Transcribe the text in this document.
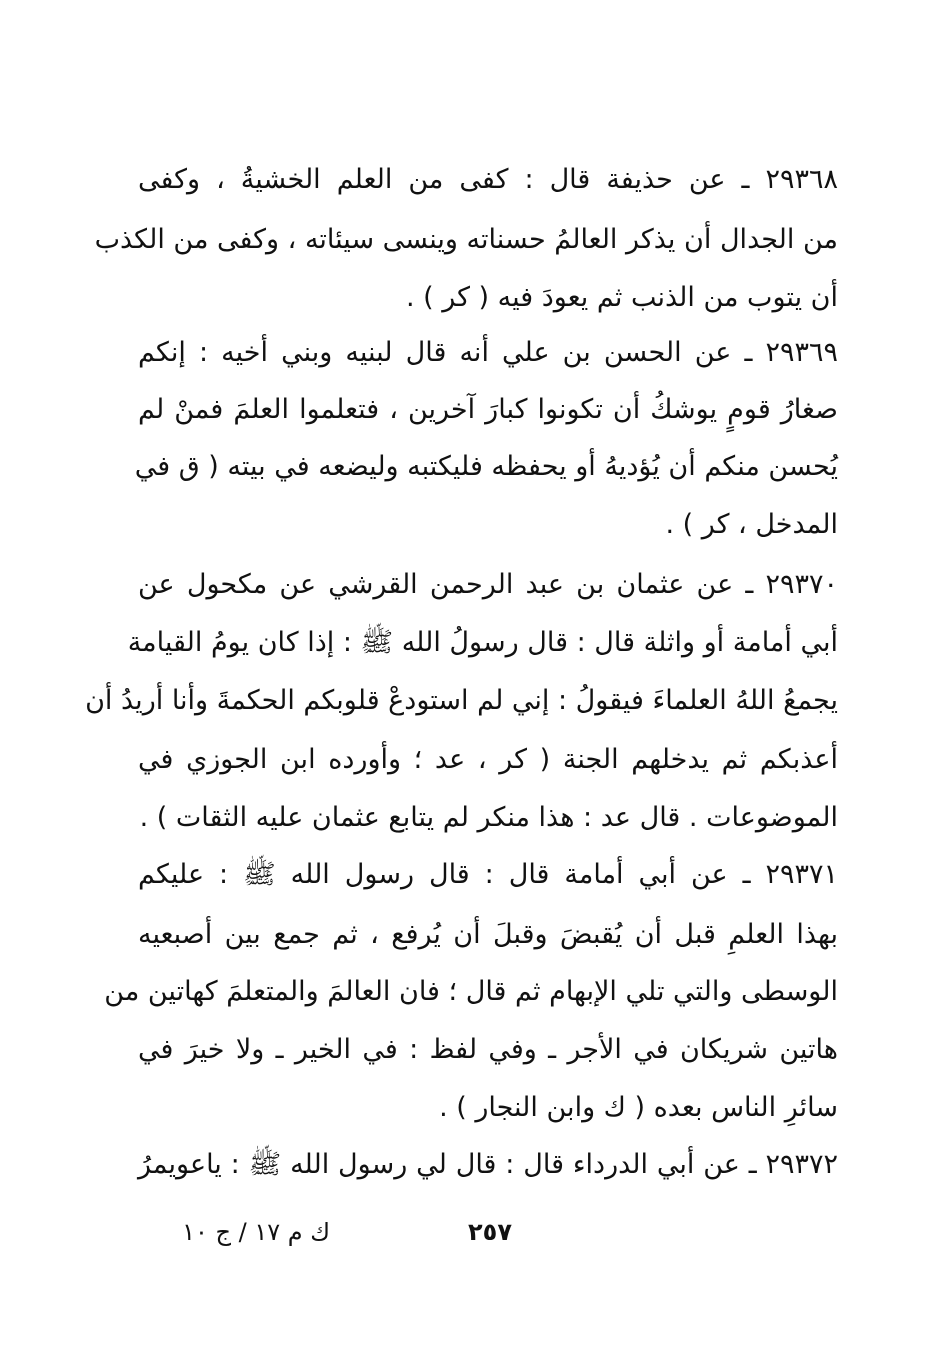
٢٩٣٦٨ ـ عن حذيفة قال : كفى من العلم الخشيةُ ، وكفى
من الجدال أن يذكر العالمُ حسناته وينسى سيئاته ، وكفى من الكذب
أن يتوب من الذنب ثم يعودَ فيه ( كر ) .
٢٩٣٦٩ ـ عن الحسن بن علي أنه قال لبنيه وبني أخيه : إنكم
صغارُ قومٍ يوشكُ أن تكونوا كبارَ آخرين ، فتعلموا العلمَ فمنْ لم
يُحسن منكم أن يُؤديهُ أو يحفظه فليكتبه وليضعه في بيته ( ق في
المدخل ، كر ) .
٢٩٣٧٠ ـ عن عثمان بن عبد الرحمن القرشي عن مكحول عن
أبي أمامة أو واثلة قال : قال رسولُ الله ﷺ : إذا كان يومُ القيامة
يجمعُ اللهُ العلماءَ فيقولُ : إني لم استودعْ قلوبكم الحكمةَ وأنا أريدُ أن
أعذبكم ثم يدخلهم الجنة ( كر ، عد ؛ وأورده ابن الجوزي في
الموضوعات . قال عد : هذا منكر لم يتابع عثمان عليه الثقات ) .
٢٩٣٧١ ـ عن أبي أمامة قال : قال رسول الله ﷺ : عليكم
بهذا العلمِ قبل أن يُقبضَ وقبلَ أن يُرفع ، ثم جمع بين أصبعيه
الوسطى والتي تلي الإبهام ثم قال ؛ فان العالمَ والمتعلمَ كهاتين من
هاتين شريكان في الأجر ـ وفي لفظ : في الخير ـ ولا خيرَ في
سائرِ الناس بعده ( ك وابن النجار ) .
٢٩٣٧٢ ـ عن أبي الدرداء قال : قال لي رسول الله ﷺ : ياعويمرُ
٢٥٧
ك م ١٧ / ج ١٠
